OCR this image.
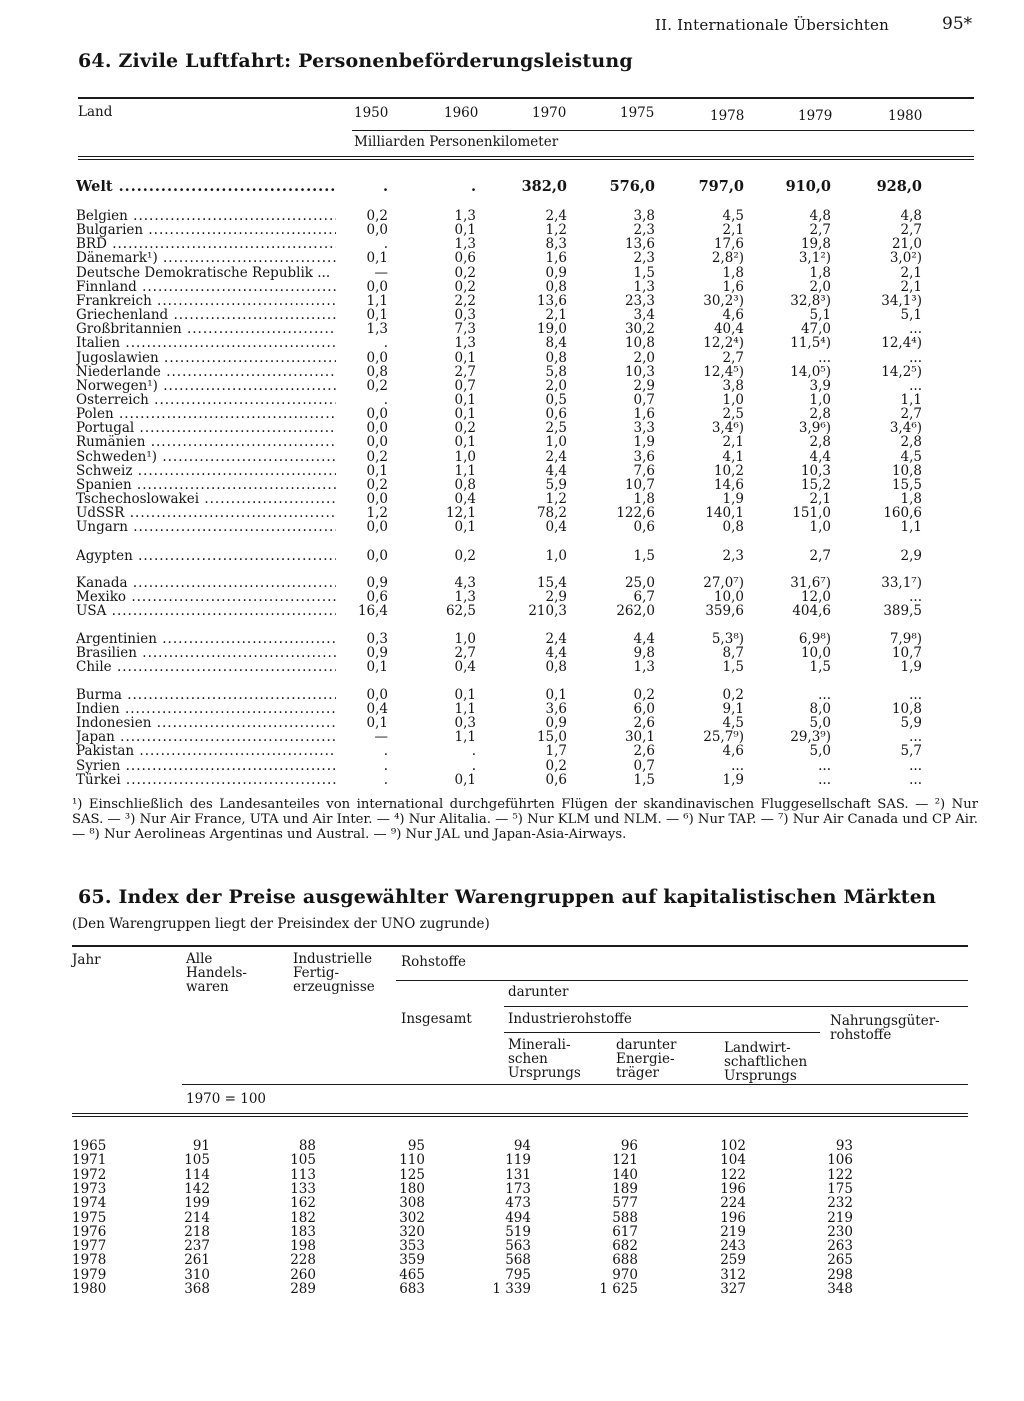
II. Internationale Übersichten	95*
64. Zivile Luftfahrt: Personenbeförderungsleistung
Land	1950	1960	1970	1975	1978	1979	1980
Milliarden Personenkilometer
Welt .....	.	.	382,0	576,0	797,0	910,0	928,0
Belgien .....	0,2	1,3	2,4	3,8	4,5	4,8	4,8
Bulgarien .....	0,0	0,1	1,2	2,3	2,1	2,7	2,7
BRD .....	.	1,3	8,3	13,6	17,6	19,8	21,0
Dänemark¹) .....	0,1	0,6	1,6	2,3	2,8²)	3,1²)	3,0²)
Deutsche Demokratische Republik ... .....	—	0,2	0,9	1,5	1,8	1,8	2,1
Finnland .....	0,0	0,2	0,8	1,3	1,6	2,0	2,1
Frankreich .....	1,1	2,2	13,6	23,3	30,2³)	32,8³)	34,1³)
Griechenland .....	0,1	0,3	2,1	3,4	4,6	5,1	5,1
Großbritannien .....	1,3	7,3	19,0	30,2	40,4	47,0	...
Italien .....	.	1,3	8,4	10,8	12,2⁴)	11,5⁴)	12,4⁴)
Jugoslawien .....	0,0	0,1	0,8	2,0	2,7	...	...
Niederlande .....	0,8	2,7	5,8	10,3	12,4⁵)	14,0⁵)	14,2⁵)
Norwegen¹) .....	0,2	0,7	2,0	2,9	3,8	3,9	...
Österreich .....	.	0,1	0,5	0,7	1,0	1,0	1,1
Polen .....	0,0	0,1	0,6	1,6	2,5	2,8	2,7
Portugal .....	0,0	0,2	2,5	3,3	3,4⁶)	3,9⁶)	3,4⁶)
Rumänien .....	0,0	0,1	1,0	1,9	2,1	2,8	2,8
Schweden¹) .....	0,2	1,0	2,4	3,6	4,1	4,4	4,5
Schweiz .....	0,1	1,1	4,4	7,6	10,2	10,3	10,8
Spanien .....	0,2	0,8	5,9	10,7	14,6	15,2	15,5
Tschechoslowakei .....	0,0	0,4	1,2	1,8	1,9	2,1	1,8
UdSSR .....	1,2	12,1	78,2	122,6	140,1	151,0	160,6
Ungarn .....	0,0	0,1	0,4	0,6	0,8	1,0	1,1
Ägypten .....	0,0	0,2	1,0	1,5	2,3	2,7	2,9
Kanada .....	0,9	4,3	15,4	25,0	27,0⁷)	31,6⁷)	33,1⁷)
Mexiko .....	0,6	1,3	2,9	6,7	10,0	12,0	...
USA .....	16,4	62,5	210,3	262,0	359,6	404,6	389,5
Argentinien .....	0,3	1,0	2,4	4,4	5,3⁸)	6,9⁸)	7,9⁸)
Brasilien .....	0,9	2,7	4,4	9,8	8,7	10,0	10,7
Chile .....	0,1	0,4	0,8	1,3	1,5	1,5	1,9
Burma .....	0,0	0,1	0,1	0,2	0,2	...	...
Indien .....	0,4	1,1	3,6	6,0	9,1	8,0	10,8
Indonesien .....	0,1	0,3	0,9	2,6	4,5	5,0	5,9
Japan .....	—	1,1	15,0	30,1	25,7⁹)	29,3⁹)	...
Pakistan .....	.	.	1,7	2,6	4,6	5,0	5,7
Syrien .....	.	.	0,2	0,7	...	...	...
Türkei .....	.	0,1	0,6	1,5	1,9	...	...
¹) Einschließlich des Landesanteiles von international durchgeführten Flügen der skandinavischen Fluggesellschaft SAS. — ²) Nur SAS. — ³) Nur Air France, UTA und Air Inter. — ⁴) Nur Alitalia. — ⁵) Nur KLM und NLM. — ⁶) Nur TAP. — ⁷) Nur Air Canada und CP Air. — ⁸) Nur Aerolineas Argentinas und Austral. — ⁹) Nur JAL und Japan-Asia-Airways.
65. Index der Preise ausgewählter Warengruppen auf kapitalistischen Märkten
(Den Warengruppen liegt der Preisindex der UNO zugrunde)
Jahr	Alle
Handels-
waren
Industrielle
Fertig-
erzeugnisse
Rohstoffe
darunter
Insgesamt	Industrierohstoffe	Nahrungsgüter-
rohstoffe
Minerali-
schen
Ursprungs
darunter
Energie-
träger
Landwirt-
schaftlichen
Ursprungs
1970 = 100
1965	91	88	95	94	96	102	93
1971	105	105	110	119	121	104	106
1972	114	113	125	131	140	122	122
1973	142	133	180	173	189	196	175
1974	199	162	308	473	577	224	232
1975	214	182	302	494	588	196	219
1976	218	183	320	519	617	219	230
1977	237	198	353	563	682	243	263
1978	261	228	359	568	688	259	265
1979	310	260	465	795	970	312	298
1980	368	289	683	1 339	1 625	327	348
